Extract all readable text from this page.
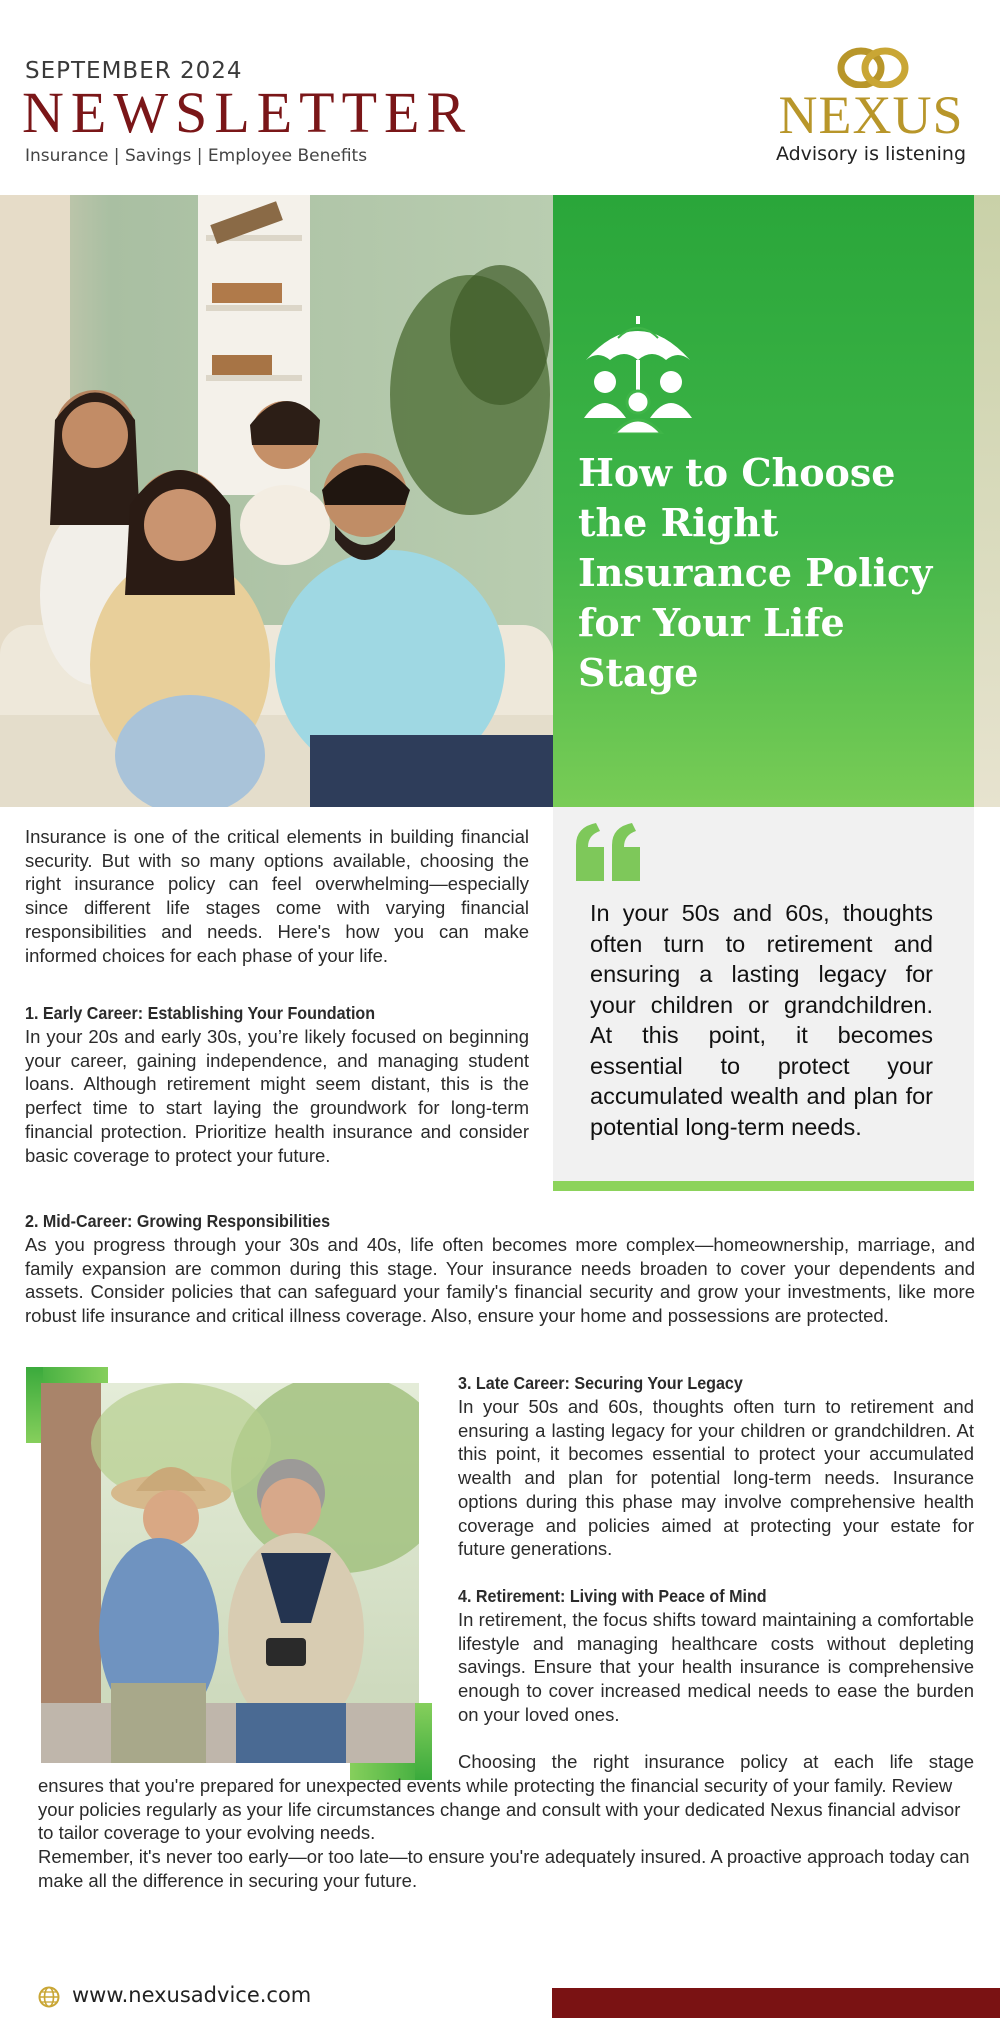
SEPTEMBER 2024
NEWSLETTER
Insurance | Savings | Employee Benefits
NEXUS
Advisory is listening
How to Choose the Right Insurance Policy for Your Life Stage
Insurance is one of the critical elements in building financial security. But with so many options available, choosing the right insurance policy can feel overwhelming—especially since different life stages come with varying financial responsibilities and needs. Here's how you can make informed choices for each phase of your life.
1. Early Career: Establishing Your Foundation
In your 20s and early 30s, you’re likely focused on beginning your career, gaining independence, and managing student loans. Although retirement might seem distant, this is the perfect time to start laying the groundwork for long-term financial protection. Prioritize health insurance and consider basic coverage to protect your future.
In your 50s and 60s, thoughts often turn to retirement and ensuring a lasting legacy for your children or grandchildren. At this point, it becomes essential to protect your accumulated wealth and plan for potential long-term needs.
2. Mid-Career: Growing Responsibilities
As you progress through your 30s and 40s, life often becomes more complex—homeownership, marriage, and family expansion are common during this stage. Your insurance needs broaden to cover your dependents and assets. Consider policies that can safeguard your family's financial security and grow your investments, like more robust life insurance and critical illness coverage. Also, ensure your home and possessions are protected.
3. Late Career: Securing Your Legacy
In your 50s and 60s, thoughts often turn to retirement and ensuring a lasting legacy for your children or grandchildren. At this point, it becomes essential to protect your accumulated wealth and plan for potential long-term needs. Insurance options during this phase may involve comprehensive health coverage and policies aimed at protecting your estate for future generations.
4. Retirement: Living with Peace of Mind
In retirement, the focus shifts toward maintaining a comfortable lifestyle and managing healthcare costs without depleting savings. Ensure that your health insurance is comprehensive enough to cover increased medical needs to ease the burden on your loved ones.
Choosing the right insurance policy at each life stage
ensures that you're prepared for unexpected events while protecting the financial security of your family. Review your policies regularly as your life circumstances change and consult with your dedicated Nexus financial advisor to tailor coverage to your evolving needs.
Remember, it's never too early—or too late—to ensure you're adequately insured. A proactive approach today can make all the difference in securing your future.
www.nexusadvice.com
